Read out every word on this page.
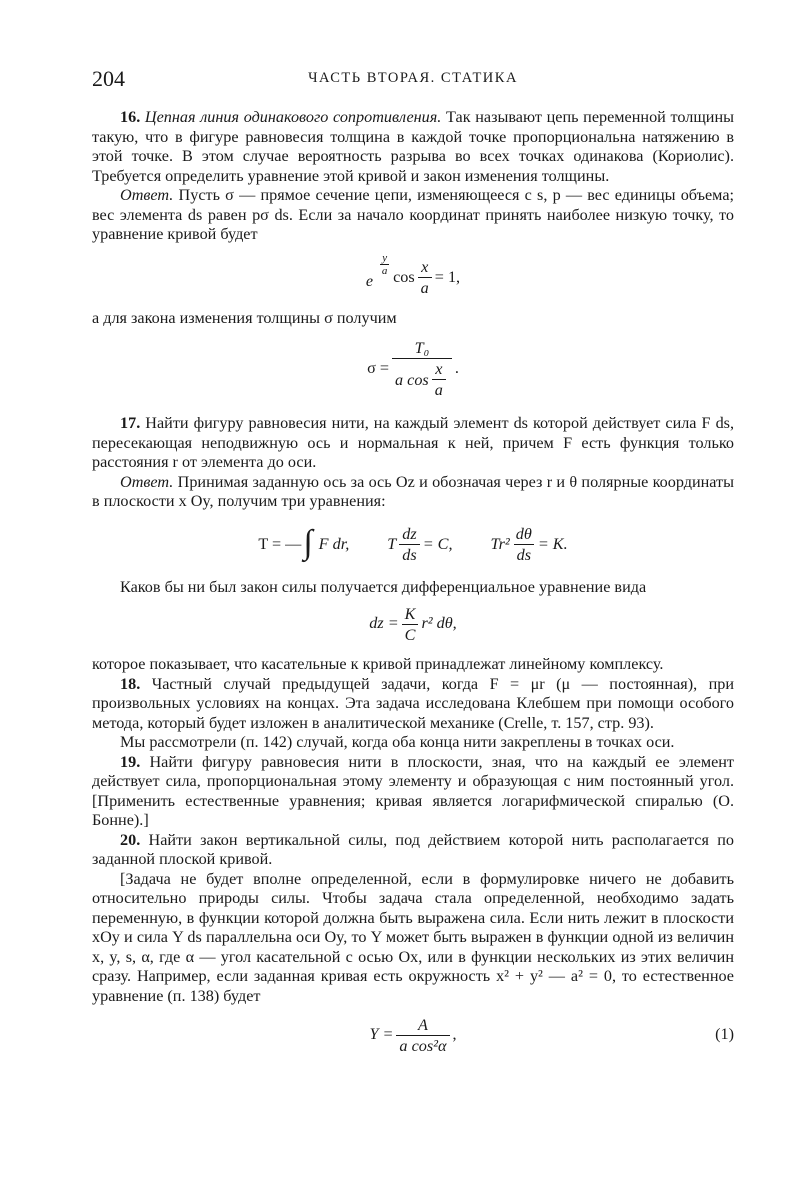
204	ЧАСТЬ ВТОРАЯ. СТАТИКА

16. Цепная линия одинакового сопротивления. Так называют цепь переменной толщины такую, что в фигуре равновесия толщина в каждой точке пропорциональна натяжению в этой точке. В этом случае вероятность разрыва во всех точках одинакова (Кориолис). Требуется определить уравнение этой кривой и закон изменения толщины.

Ответ. Пусть σ — прямое сечение цепи, изменяющееся с s, p — вес единицы объема; вес элемента ds равен pσ ds. Если за начало координат принять наиболее низкую точку, то уравнение кривой будет

e
$\frac{y}{a}$ $\cos \frac{x}{a} = 1$,

а для закона изменения толщины σ получим

$\sigma = \frac{\text{T₀}}{a \cos \frac{x}{a}}$ .

17. Найти фигуру равновесия нити, на каждый элемент ds которой действует сила F ds, пересекающая неподвижную ось и нормальная к ней, причем F есть функция только расстояния r от элемента до оси.

Ответ. Принимая заданную ось за ось Oz и обозначая через r и θ полярные координаты в плоскости x Oy, получим три уравнения:

T = — ∫ F dr, T $\frac{dz}{ds} = C$, $Tr^2 \frac{d\theta}{ds} = K$.

Каков бы ни был закон силы получается дифференциальное уравнение вида

dz = $\frac{K}{C} r^2$ dθ,

которое показывает, что касательные к кривой принадлежат линейному комплексу.

18. Частный случай предыдущей задачи, когда F = μr (μ — постоянная), при произвольных условиях на концах. Эта задача исследована Клебшем при помощи особого метода, который будет изложен в аналитической механике (Crelle, т. 157, стр. 93).

Мы рассмотрели (п. 142) случай, когда оба конца нити закреплены в точках оси.

19. Найти фигуру равновесия нити в плоскости, зная, что на каждый ее элемент действует сила, пропорциональная этому элементу и образующая с ним постоянный угол. [Применить естественные уравнения; кривая является логарифмической спиралью (О. Бонне).]

20. Найти закон вертикальной силы, под действием которой нить располагается по заданной плоской кривой.

[Задача не будет вполне определенной, если в формулировке ничего не добавить относительно природы силы. Чтобы задача стала определенной, необходимо задать переменную, в функции которой должна быть выражена сила. Если нить лежит в плоскости xOy и сила Y ds параллельна оси Oy, то Y может быть выражен в функции одной из величин x, y, s, α, где α — угол касательной с осью Ox, или в функции нескольких из этих величин сразу. Например, если заданная кривая есть окружность x² + y² — a² = 0, то естественное уравнение (п. 138) будет

$Y = \frac{A}{\text{a cos²α}}$ ,	(1)
